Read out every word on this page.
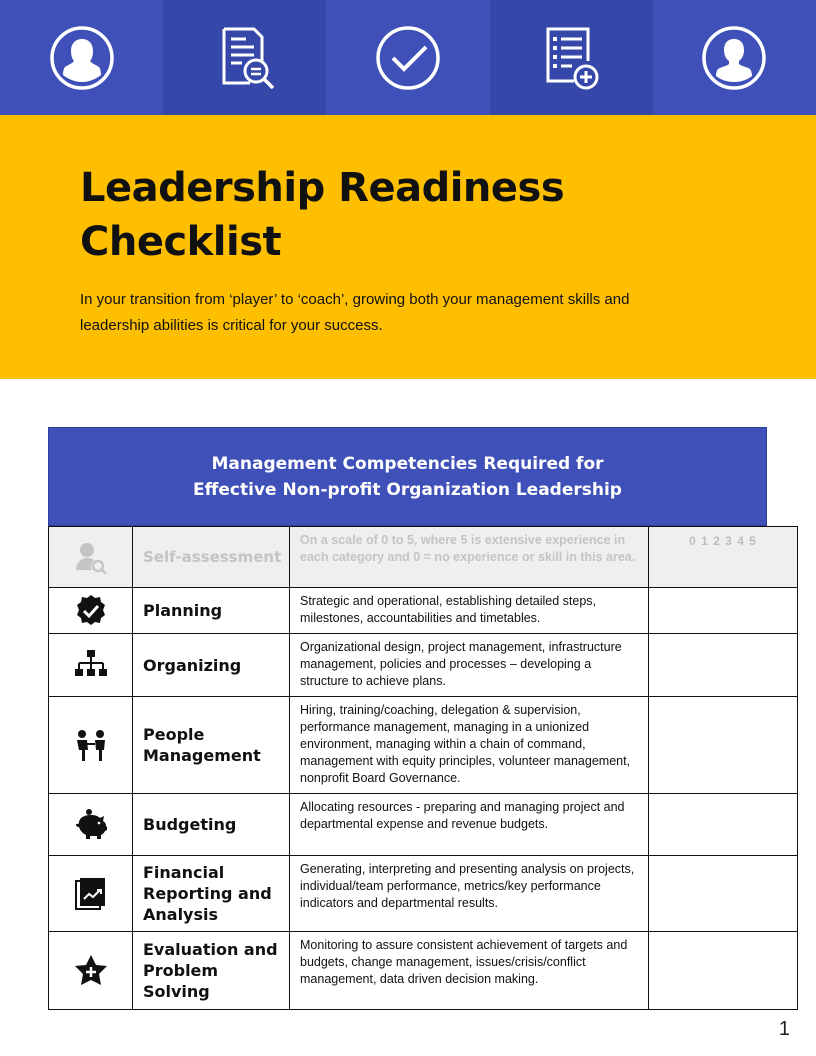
Leadership Readiness Checklist

In your transition from ‘player’ to ‘coach’, growing both your management skills and leadership abilities is critical for your success.

Management Competencies Required for
Effective Non-profit Organization Leadership
	Self-assessment	On a scale of 0 to 5, where 5 is extensive experience in each category and 0 = no experience or skill in this area.	0 1 2 3 4 5
	Planning	Strategic and operational, establishing detailed steps, milestones, accountabilities and timetables.	
	Organizing	Organizational design, project management, infrastructure management, policies and processes – developing a structure to achieve plans.	
	People Management	Hiring, training/coaching, delegation & supervision, performance management, managing in a unionized environment, managing within a chain of command, management with equity principles, volunteer management, nonprofit Board Governance.	
	Budgeting	Allocating resources - preparing and managing project and departmental expense and revenue budgets.	
	Financial Reporting and Analysis	Generating, interpreting and presenting analysis on projects, individual/team performance, metrics/key performance indicators and departmental results.	
	Evaluation and Problem Solving	Monitoring to assure consistent achievement of targets and budgets, change management, issues/crisis/conflict management, data driven decision making.	
1
